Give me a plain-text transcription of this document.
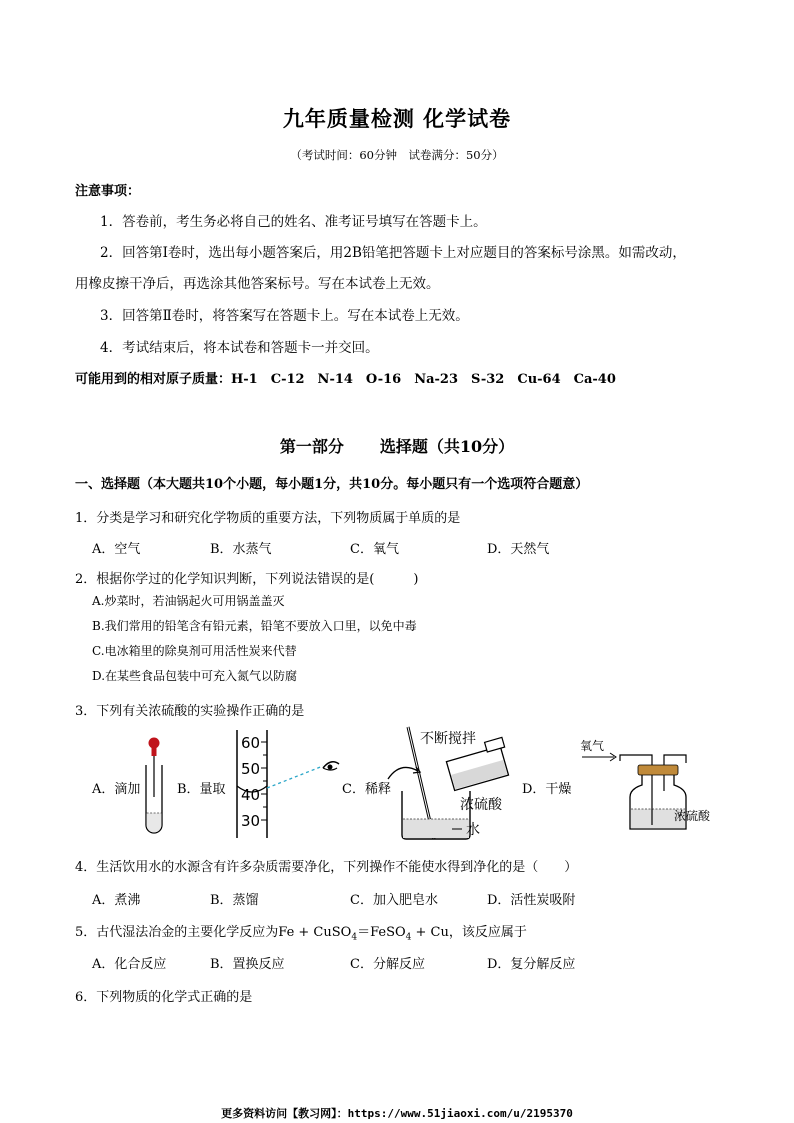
九年质量检测 化学试卷
（考试时间：60分钟　试卷满分：50分）
注意事项：
1．答卷前，考生务必将自己的姓名、准考证号填写在答题卡上。
2．回答第Ⅰ卷时，选出每小题答案后，用2B铅笔把答题卡上对应题目的答案标号涂黑。如需改动，
用橡皮擦干净后，再选涂其他答案标号。写在本试卷上无效。
3．回答第Ⅱ卷时，将答案写在答题卡上。写在本试卷上无效。
4．考试结束后，将本试卷和答题卡一并交回。
可能用到的相对原子质量：H-1　C-12　N-14　O-16　Na-23　S-32　Cu-64　Ca-40
第一部分 选择题（共10分）
一、选择题（本大题共10个小题，每小题1分，共10分。每小题只有一个选项符合题意）
1．分类是学习和研究化学物质的重要方法，下列物质属于单质的是
A．空气	B．水蒸气	C．氧气	D．天然气
2．根据你学过的化学知识判断，下列说法错误的是(　　　)
A.炒菜时，若油锅起火可用锅盖盖灭
B.我们常用的铅笔含有铅元素，铅笔不要放入口里，以免中毒
C.电冰箱里的除臭剂可用活性炭来代替
D.在某些食品包装中可充入氮气以防腐
3．下列有关浓硫酸的实验操作正确的是
A．滴加	B．量取	C．稀释	D．干燥
60
50
40
30
不断搅拌
浓硫酸
水
氧气
浓硫酸
4．生活饮用水的水源含有许多杂质需要净化，下列操作不能使水得到净化的是（　　）
A．煮沸	B．蒸馏	C．加入肥皂水	D．活性炭吸附
5．古代湿法冶金的主要化学反应为Fe + CuSO$_4$＝FeSO$_4$ + Cu，该反应属于
A．化合反应	B．置换反应	C．分解反应	D．复分解反应
6．下列物质的化学式正确的是
更多资料访问【教习网】：https://www.51jiaoxi.com/u/2195370
